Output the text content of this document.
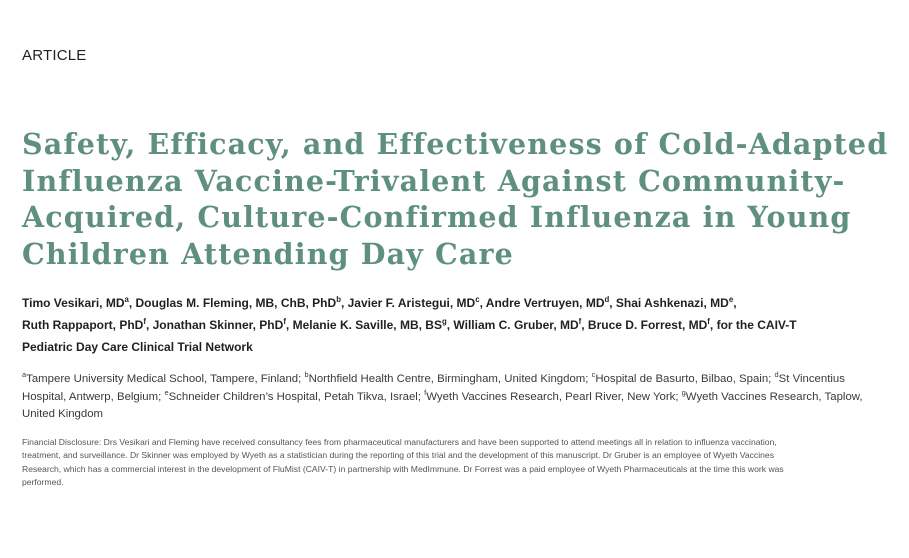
ARTICLE
Safety, Efficacy, and Effectiveness of Cold-Adapted
Influenza Vaccine-Trivalent Against Community-
Acquired, Culture-Confirmed Influenza in Young
Children Attending Day Care

Timo Vesikari, $MD^a$, Douglas M. Fleming, MB, ChB, PhD$^b$, Javier F. Aristegui, $MD^c$, Andre Vertruyen, $MD^d$, Shai Ashkenazi, MDe,
Ruth Rappaport, PhD$^f$, Jonathan Skinner, PhD$^f$, Melanie K. Saville, MB, $BS^g$, William C. Gruber, $MD^f$, Bruce D. Forrest, $MD^f$, for the CAIV-T
Pediatric Day Care Clinical Trial Network

$^a$Tampere University Medical School, Tampere, Finland; $^b$Northfield Health Centre, Birmingham, United Kingdom; $^c$Hospital de Basurto, Bilbao, Spain; $^d$St Vincentius
Hospital, Antwerp, Belgium; $^e$Schneider Children’s Hospital, Petah Tikva, Israel; $^f$Wyeth Vaccines Research, Pearl River, New York; $^g$Wyeth Vaccines Research, Taplow,
United Kingdom

Financial Disclosure: Drs Vesikari and Fleming have received consultancy fees from pharmaceutical manufacturers and have been supported to attend meetings all in relation to influenza vaccination,
treatment, and surveillance. Dr Skinner was employed by Wyeth as a statistician during the reporting of this trial and the development of this manuscript. Dr Gruber is an employee of Wyeth Vaccines
Research, which has a commercial interest in the development of FluMist (CAIV-T) in partnership with MedImmune. Dr Forrest was a paid employee of Wyeth Pharmaceuticals at the time this work was
performed.
